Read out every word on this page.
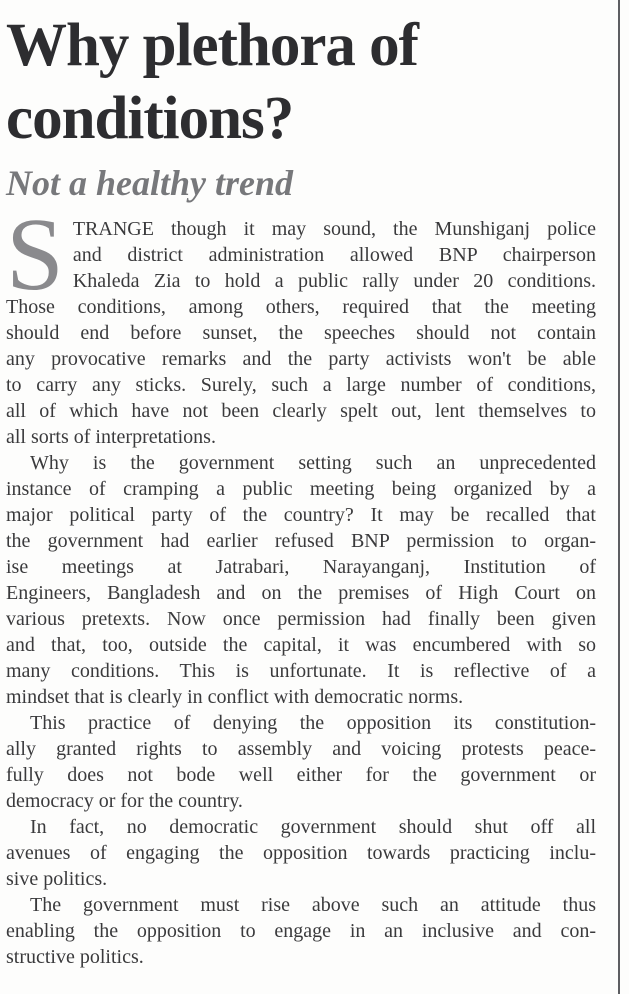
Why plethora of
conditions?
Not a healthy trend

S TRANGE though it may sound, the Munshiganj police
and district administration allowed BNP chairperson
Khaleda Zia to hold a public rally under 20 conditions.
Those conditions, among others, required that the meeting
should end before sunset, the speeches should not contain
any provocative remarks and the party activists won't be able
to carry any sticks. Surely, such a large number of conditions,
all of which have not been clearly spelt out, lent themselves to
all sorts of interpretations.

Why is the government setting such an unprecedented
instance of cramping a public meeting being organized by a
major political party of the country? It may be recalled that
the government had earlier refused BNP permission to organ-
ise meetings at Jatrabari, Narayanganj, Institution of
Engineers, Bangladesh and on the premises of High Court on
various pretexts. Now once permission had finally been given
and that, too, outside the capital, it was encumbered with so
many conditions. This is unfortunate. It is reflective of a
mindset that is clearly in conflict with democratic norms.

This practice of denying the opposition its constitution-
ally granted rights to assembly and voicing protests peace-
fully does not bode well either for the government or
democracy or for the country.

In fact, no democratic government should shut off all
avenues of engaging the opposition towards practicing inclu-
sive politics.

The government must rise above such an attitude thus
enabling the opposition to engage in an inclusive and con-
structive politics.
